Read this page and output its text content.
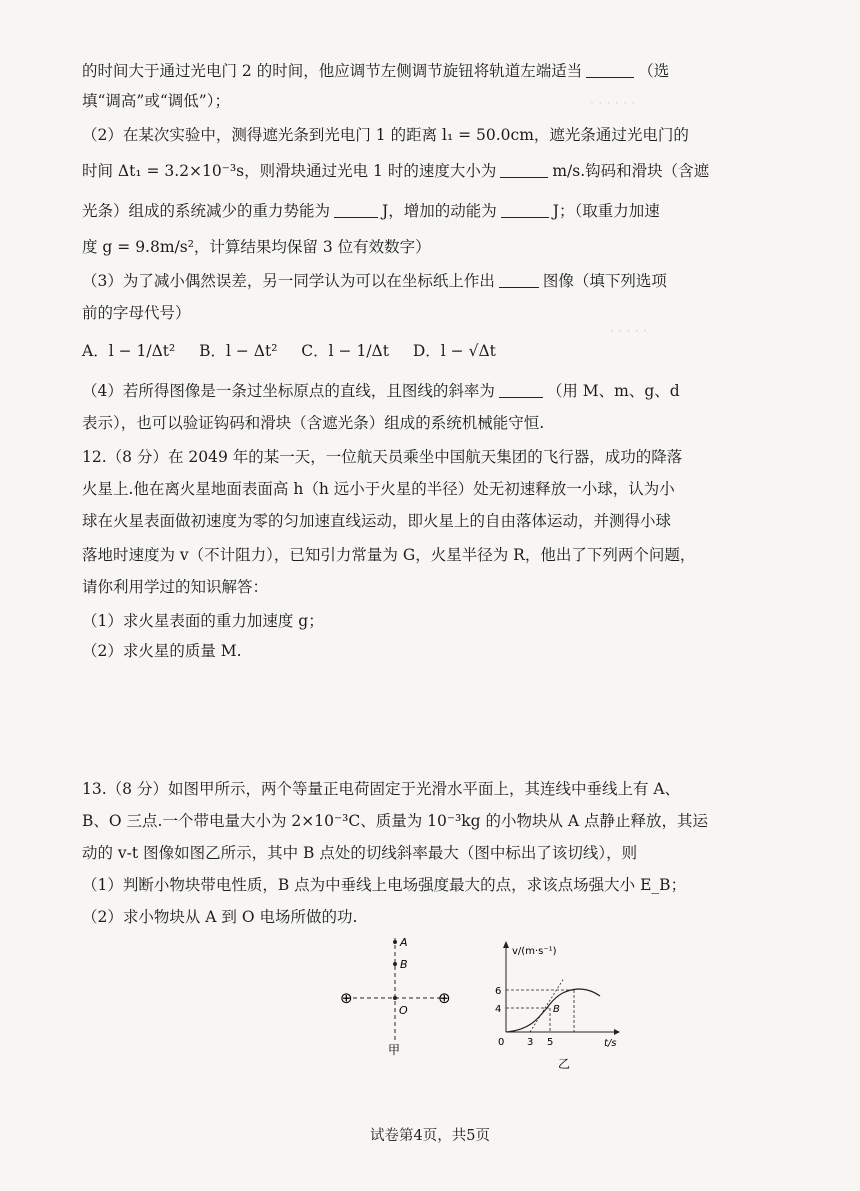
· · · · · ·
· · · · ·
的时间大于通过光电门 2 的时间，他应调节左侧调节旋钮将轨道左端适当	（选
填“调高”或“调低”）；
（2）在某次实验中，测得遮光条到光电门 1 的距离 l₁ = 50.0cm，遮光条通过光电门的
时间 Δt₁ = 3.2×10⁻³s，则滑块通过光电 1 时的速度大小为	m/s.钩码和滑块（含遮
光条）组成的系统减少的重力势能为	J，增加的动能为	J；（取重力加速
度 g = 9.8m/s²，计算结果均保留 3 位有效数字）
（3）为了减小偶然误差，另一同学认为可以在坐标纸上作出	图像（填下列选项
前的字母代号）
A．l − 1/Δt² B．l − Δt² C．l − 1/Δt D．l − √Δt
（4）若所得图像是一条过坐标原点的直线，且图线的斜率为	（用 M、m、g、d
表示），也可以验证钩码和滑块（含遮光条）组成的系统机械能守恒.
12.（8 分）在 2049 年的某一天，一位航天员乘坐中国航天集团的飞行器，成功的降落
火星上.他在离火星地面表面高 h（h 远小于火星的半径）处无初速释放一小球，认为小
球在火星表面做初速度为零的匀加速直线运动，即火星上的自由落体运动，并测得小球
落地时速度为 v（不计阻力），已知引力常量为 G，火星半径为 R，他出了下列两个问题，
请你利用学过的知识解答：
（1）求火星表面的重力加速度 g；
（2）求火星的质量 M.
13.（8 分）如图甲所示，两个等量正电荷固定于光滑水平面上，其连线中垂线上有 A、
B、O 三点.一个带电量大小为 2×10⁻³C、质量为 10⁻³kg 的小物块从 A 点静止释放，其运
动的 v-t 图像如图乙所示，其中 B 点处的切线斜率最大（图中标出了该切线），则
（1）判断小物块带电性质，B 点为中垂线上电场强度最大的点，求该点场强大小 E_B；
（2）求小物块从 A 到 O 电场所做的功.
A
B
O
⊕	⊕
甲
v/(m·s⁻¹)
t/s
6
4
0 3 5
B
乙
试卷第4页，共5页
